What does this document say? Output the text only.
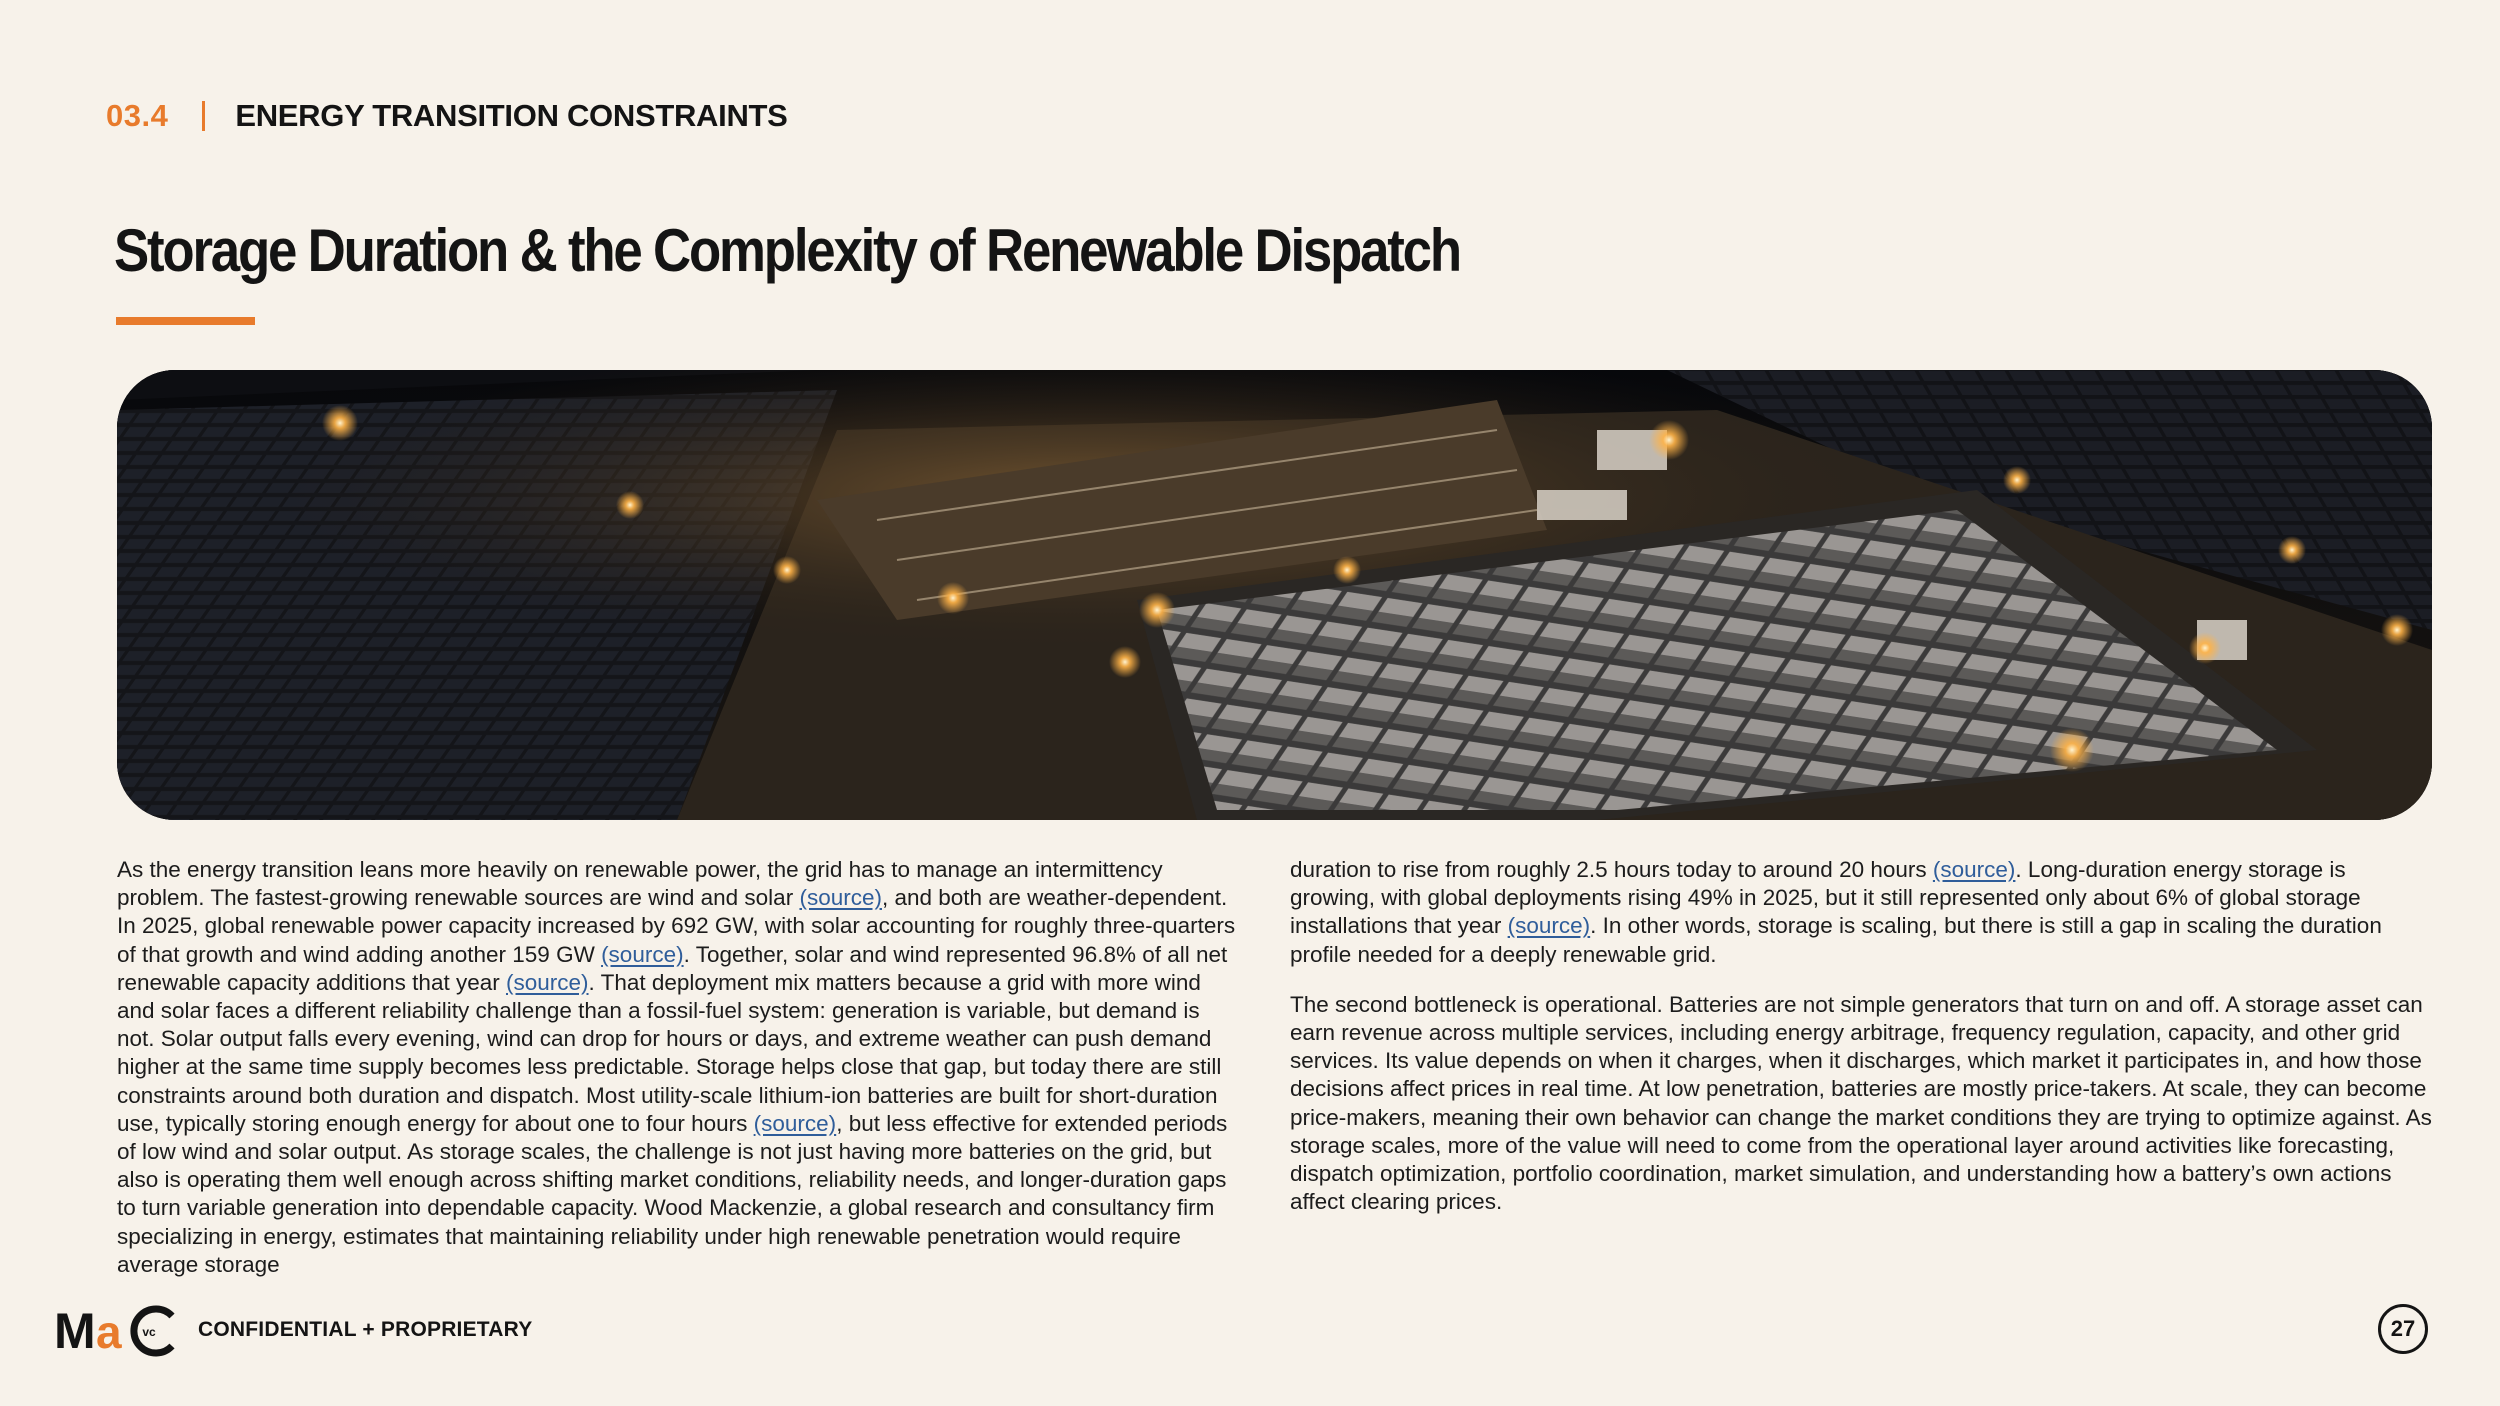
03.4 ENERGY TRANSITION CONSTRAINTS
Storage Duration & the Complexity of Renewable Dispatch

As the energy transition leans more heavily on renewable power, the grid has to manage an intermittency problem. The fastest-growing renewable sources are wind and solar (source), and both are weather-dependent. In 2025, global renewable power capacity increased by 692 GW, with solar accounting for roughly three-quarters of that growth and wind adding another 159 GW (source). Together, solar and wind represented 96.8% of all net renewable capacity additions that year (source). That deployment mix matters because a grid with more wind and solar faces a different reliability challenge than a fossil-fuel system: generation is variable, but demand is not. Solar output falls every evening, wind can drop for hours or days, and extreme weather can push demand higher at the same time supply becomes less predictable. Storage helps close that gap, but today there are still constraints around both duration and dispatch. Most utility-scale lithium-ion batteries are built for short-duration use, typically storing enough energy for about one to four hours (source), but less effective for extended periods of low wind and solar output. As storage scales, the challenge is not just having more batteries on the grid, but also is operating them well enough across shifting market conditions, reliability needs, and longer-duration gaps to turn variable generation into dependable capacity. Wood Mackenzie, a global research and consultancy firm specializing in energy, estimates that maintaining reliability under high renewable penetration would require average storage

duration to rise from roughly 2.5 hours today to around 20 hours (source). Long-duration energy storage is growing, with global deployments rising 49% in 2025, but it still represented only about 6% of global storage installations that year (source). In other words, storage is scaling, but there is still a gap in scaling the duration profile needed for a deeply renewable grid.

The second bottleneck is operational. Batteries are not simple generators that turn on and off. A storage asset can earn revenue across multiple services, including energy arbitrage, frequency regulation, capacity, and other grid services. Its value depends on when it charges, when it discharges, which market it participates in, and how those decisions affect prices in real time. At low penetration, batteries are mostly price-takers. At scale, they can become price-makers, meaning their own behavior can change the market conditions they are trying to optimize against. As storage scales, more of the value will need to come from the operational layer around activities like forecasting, dispatch optimization, portfolio coordination, market simulation, and understanding how a battery’s own actions affect clearing prices.

M a vc CONFIDENTIAL + PROPRIETARY	27
